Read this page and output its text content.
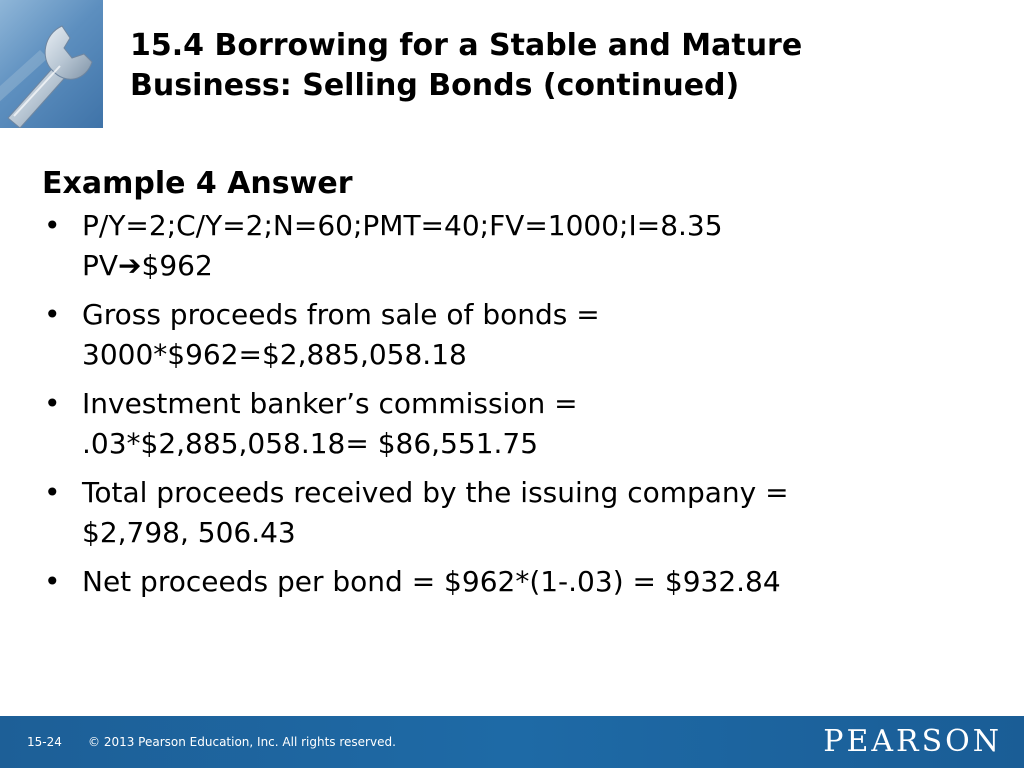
15.4 Borrowing for a Stable and Mature
Business: Selling Bonds (continued)
Example 4 Answer
• P/Y=2;C/Y=2;N=60;PMT=40;FV=1000;I=8.35
PV➔$962
• Gross proceeds from sale of bonds =
3000*$962=$2,885,058.18
• Investment banker’s commission =
.03*$2,885,058.18= $86,551.75
• Total proceeds received by the issuing company =
$2,798, 506.43
• Net proceeds per bond = $962*(1-.03) = $932.84
15-24 © 2013 Pearson Education, Inc. All rights reserved.	PEARSON
